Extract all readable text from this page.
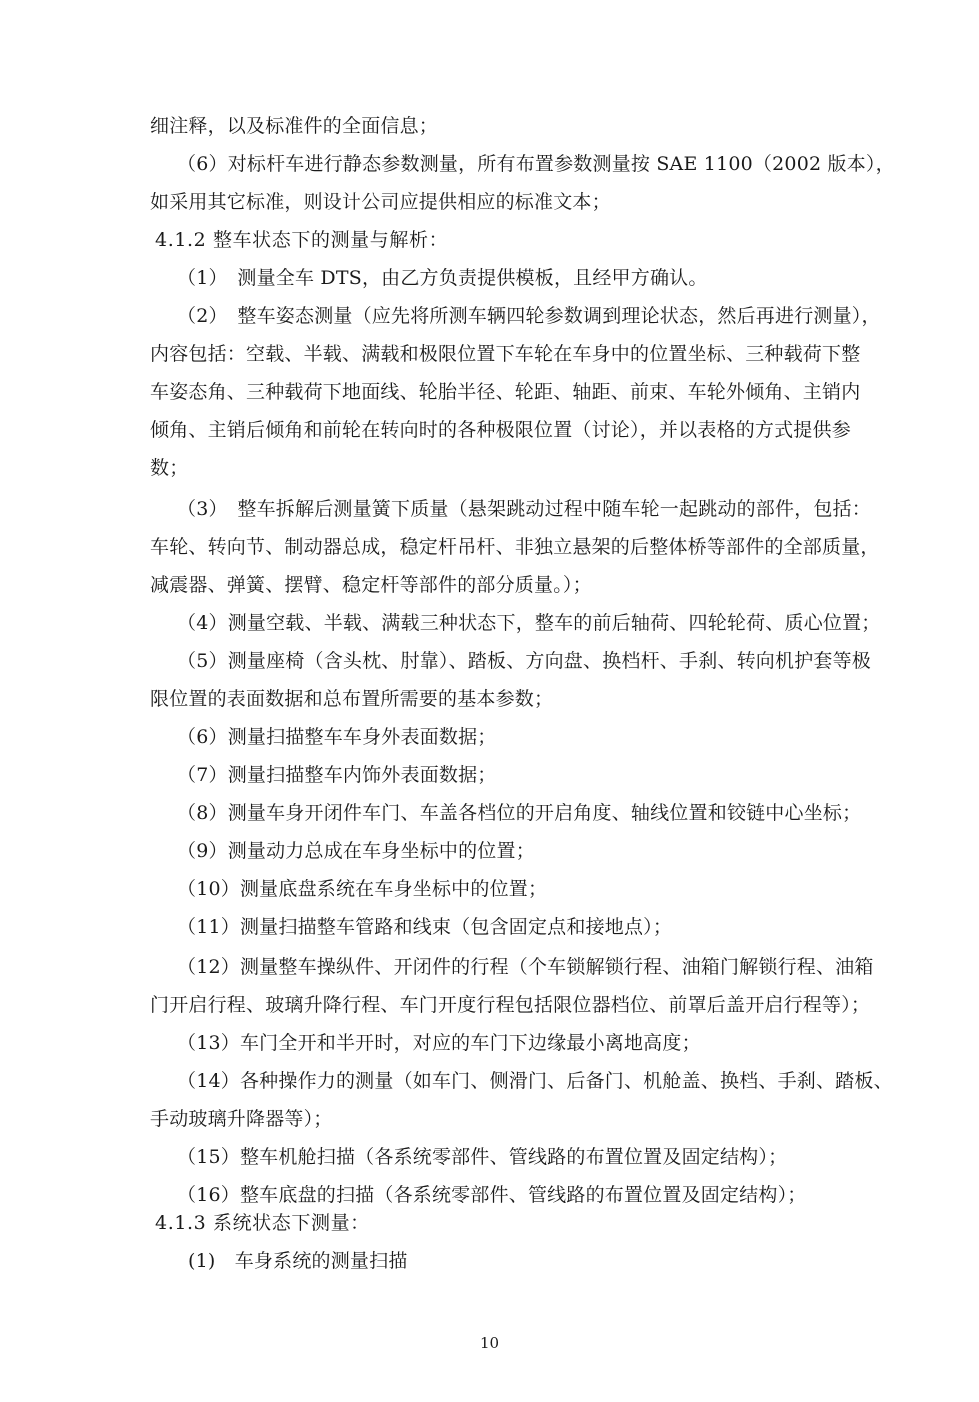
细注释，以及标准件的全面信息；
（6）对标杆车进行静态参数测量，所有布置参数测量按 SAE 1100（2002 版本），
如采用其它标准，则设计公司应提供相应的标准文本；
4.1.2 整车状态下的测量与解析：
（1）　测量全车 DTS，由乙方负责提供模板，且经甲方确认。
（2）　整车姿态测量（应先将所测车辆四轮参数调到理论状态，然后再进行测量），
内容包括：空载、半载、满载和极限位置下车轮在车身中的位置坐标、三种载荷下整
车姿态角、三种载荷下地面线、轮胎半径、轮距、轴距、前束、车轮外倾角、主销内
倾角、主销后倾角和前轮在转向时的各种极限位置（讨论），并以表格的方式提供参
数；
（3）　整车拆解后测量簧下质量（悬架跳动过程中随车轮一起跳动的部件，包括：
车轮、转向节、制动器总成，稳定杆吊杆、非独立悬架的后整体桥等部件的全部质量，
减震器、弹簧、摆臂、稳定杆等部件的部分质量。）；
（4）测量空载、半载、满载三种状态下，整车的前后轴荷、四轮轮荷、质心位置；
（5）测量座椅（含头枕、肘靠）、踏板、方向盘、换档杆、手刹、转向机护套等极
限位置的表面数据和总布置所需要的基本参数；
（6）测量扫描整车车身外表面数据；
（7）测量扫描整车内饰外表面数据；
（8）测量车身开闭件车门、车盖各档位的开启角度、轴线位置和铰链中心坐标；
（9）测量动力总成在车身坐标中的位置；
（10）测量底盘系统在车身坐标中的位置；
（11）测量扫描整车管路和线束（包含固定点和接地点）；
（12）测量整车操纵件、开闭件的行程（个车锁解锁行程、油箱门解锁行程、油箱
门开启行程、玻璃升降行程、车门开度行程包括限位器档位、前罩后盖开启行程等）；
（13）车门全开和半开时，对应的车门下边缘最小离地高度；
（14）各种操作力的测量（如车门、侧滑门、后备门、机舱盖、换档、手刹、踏板、
手动玻璃升降器等）；
（15）整车机舱扫描（各系统零部件、管线路的布置位置及固定结构）；
（16）整车底盘的扫描（各系统零部件、管线路的布置位置及固定结构）；
4.1.3 系统状态下测量：
(1)　车身系统的测量扫描
10
